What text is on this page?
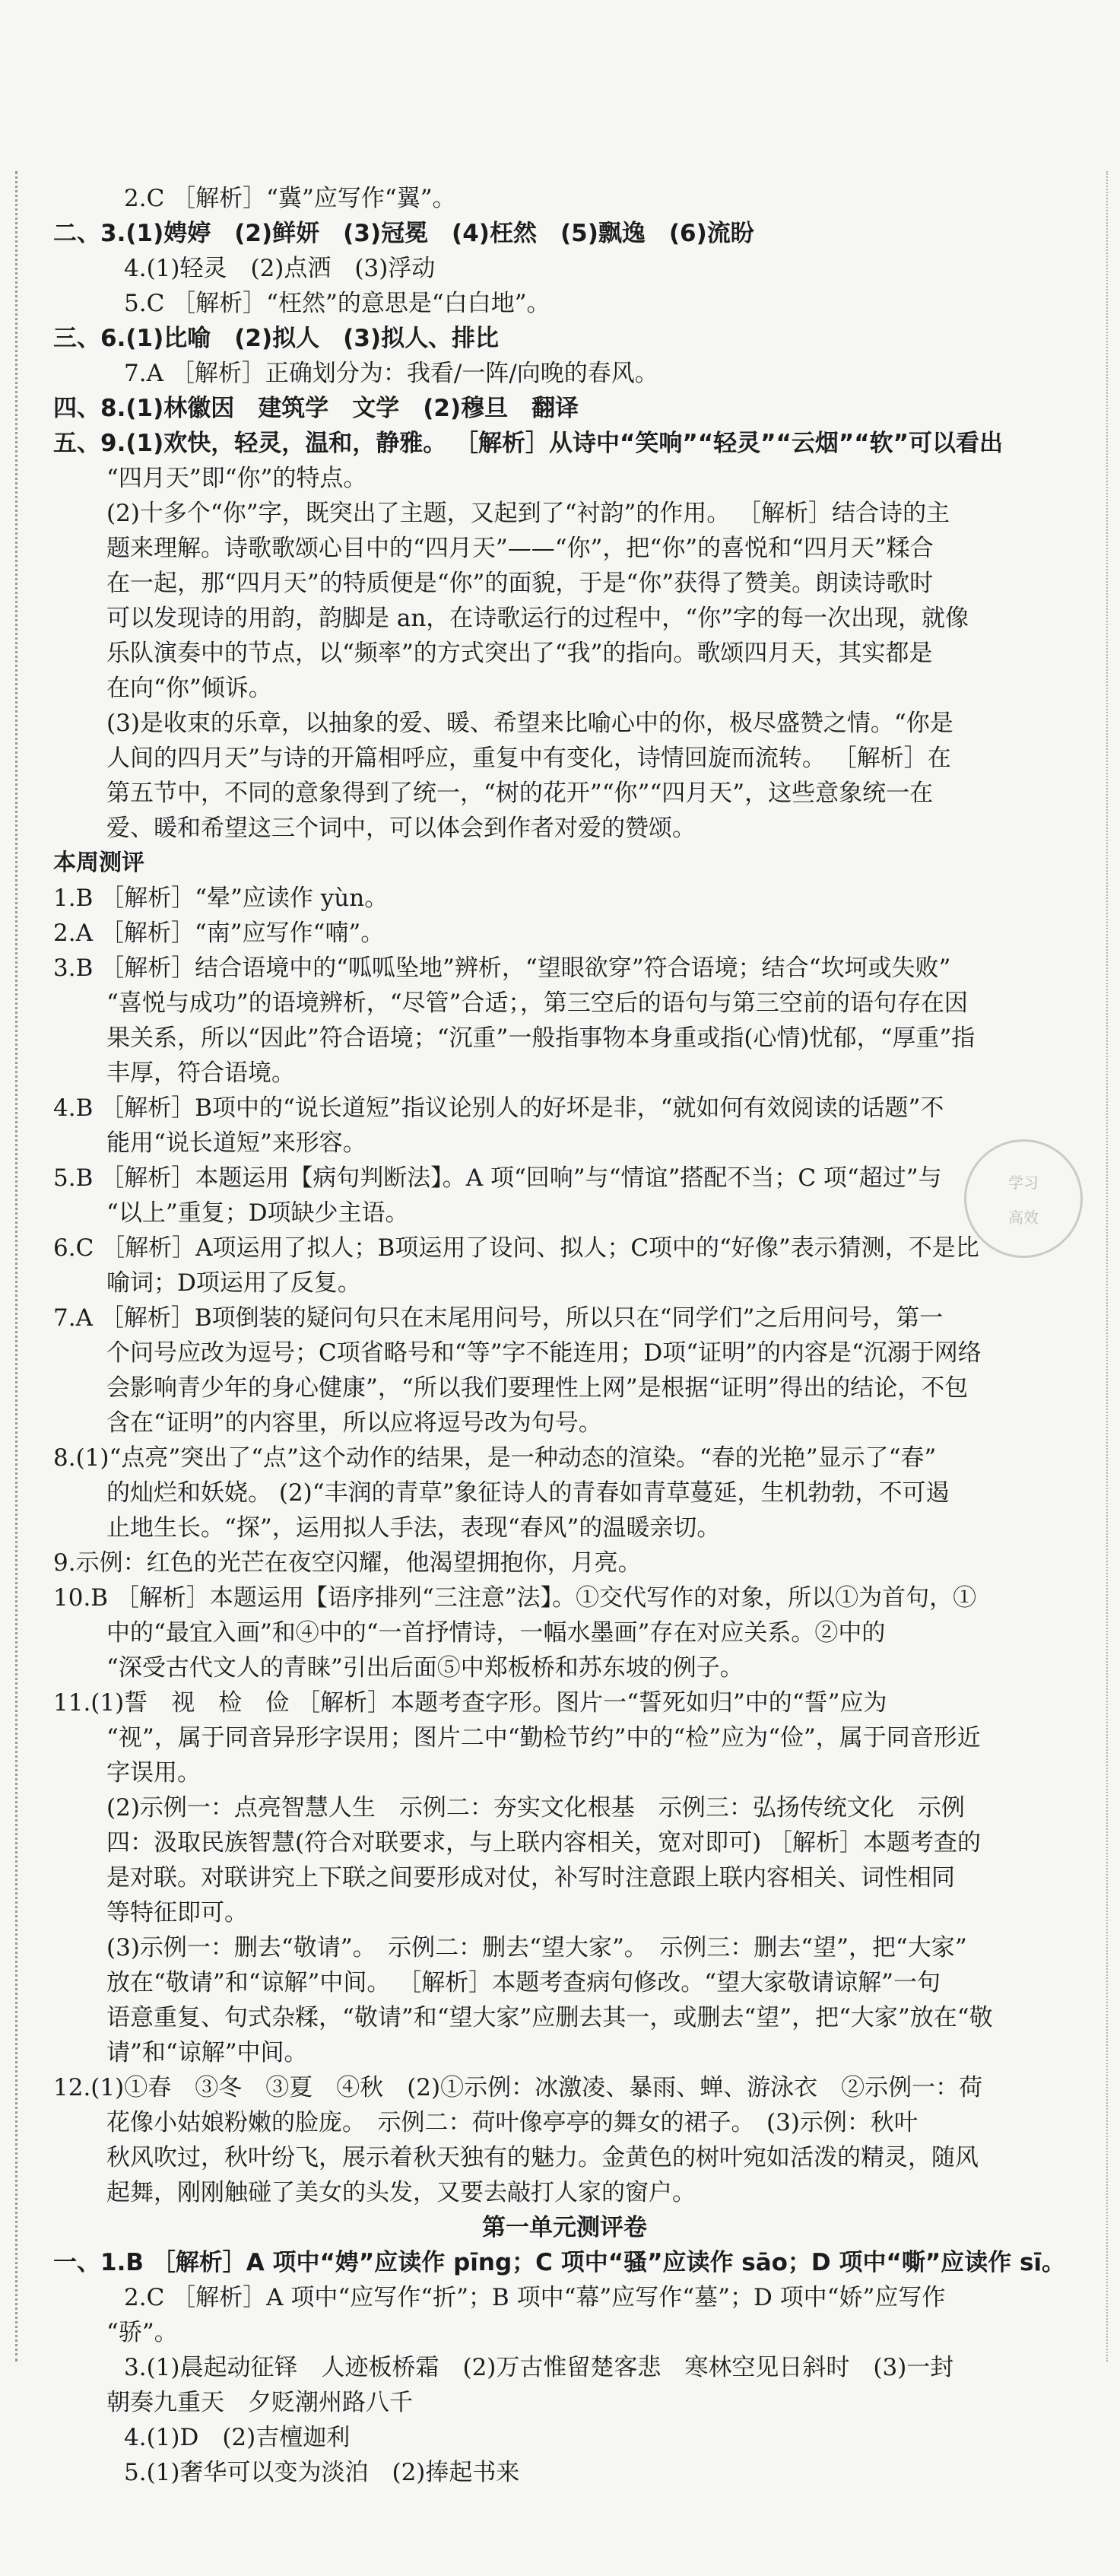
　2.C ［解析］“冀”应写作“翼”。
二、3.(1)娉婷　(2)鲜妍　(3)冠冕　(4)枉然　(5)飘逸　(6)流盼
　4.(1)轻灵　(2)点洒　(3)浮动
　5.C ［解析］“枉然”的意思是“白白地”。
三、6.(1)比喻　(2)拟人　(3)拟人、排比
　7.A ［解析］正确划分为：我看/一阵/向晚的春风。
四、8.(1)林徽因　建筑学　文学　(2)穆旦　翻译
五、9.(1)欢快，轻灵，温和，静雅。 ［解析］从诗中“笑响”“轻灵”“云烟”“软”可以看出
“四月天”即“你”的特点。
(2)十多个“你”字，既突出了主题，又起到了“衬韵”的作用。 ［解析］结合诗的主
题来理解。诗歌歌颂心目中的“四月天”——“你”，把“你”的喜悦和“四月天”糅合
在一起，那“四月天”的特质便是“你”的面貌，于是“你”获得了赞美。朗读诗歌时
可以发现诗的用韵，韵脚是 an，在诗歌运行的过程中，“你”字的每一次出现，就像
乐队演奏中的节点，以“频率”的方式突出了“我”的指向。歌颂四月天，其实都是
在向“你”倾诉。
(3)是收束的乐章，以抽象的爱、暖、希望来比喻心中的你，极尽盛赞之情。“你是
人间的四月天”与诗的开篇相呼应，重复中有变化，诗情回旋而流转。 ［解析］在
第五节中，不同的意象得到了统一，“树的花开”“你”“四月天”，这些意象统一在
爱、暖和希望这三个词中，可以体会到作者对爱的赞颂。
本周测评
1.B ［解析］“晕”应读作 yùn。
2.A ［解析］“南”应写作“喃”。
3.B ［解析］结合语境中的“呱呱坠地”辨析，“望眼欲穿”符合语境；结合“坎坷或失败”
“喜悦与成功”的语境辨析，“尽管”合适；，第三空后的语句与第三空前的语句存在因
果关系，所以“因此”符合语境；“沉重”一般指事物本身重或指(心情)忧郁，“厚重”指
丰厚，符合语境。
4.B ［解析］B项中的“说长道短”指议论别人的好坏是非，“就如何有效阅读的话题”不
能用“说长道短”来形容。
5.B ［解析］本题运用【病句判断法】。A 项“回响”与“情谊”搭配不当；C 项“超过”与
“以上”重复；D项缺少主语。
6.C ［解析］A项运用了拟人；B项运用了设问、拟人；C项中的“好像”表示猜测，不是比
喻词；D项运用了反复。
7.A ［解析］B项倒装的疑问句只在末尾用问号，所以只在“同学们”之后用问号，第一
个问号应改为逗号；C项省略号和“等”字不能连用；D项“证明”的内容是“沉溺于网络
会影响青少年的身心健康”，“所以我们要理性上网”是根据“证明”得出的结论，不包
含在“证明”的内容里，所以应将逗号改为句号。
8.(1)“点亮”突出了“点”这个动作的结果，是一种动态的渲染。“春的光艳”显示了“春”
的灿烂和妖娆。 (2)“丰润的青草”象征诗人的青春如青草蔓延，生机勃勃，不可遏
止地生长。“探”，运用拟人手法，表现“春风”的温暖亲切。
9.示例：红色的光芒在夜空闪耀，他渴望拥抱你，月亮。
10.B ［解析］本题运用【语序排列“三注意”法】。①交代写作的对象，所以①为首句，①
中的“最宜入画”和④中的“一首抒情诗，一幅水墨画”存在对应关系。②中的
“深受古代文人的青睐”引出后面⑤中郑板桥和苏东坡的例子。
11.(1)誓　视　检　俭 ［解析］本题考查字形。图片一“誓死如归”中的“誓”应为
“视”，属于同音异形字误用；图片二中“勤检节约”中的“检”应为“俭”，属于同音形近
字误用。
(2)示例一：点亮智慧人生　示例二：夯实文化根基　示例三：弘扬传统文化　示例
四：汲取民族智慧(符合对联要求，与上联内容相关，宽对即可) ［解析］本题考查的
是对联。对联讲究上下联之间要形成对仗，补写时注意跟上联内容相关、词性相同
等特征即可。
(3)示例一：删去“敬请”。　示例二：删去“望大家”。　示例三：删去“望”，把“大家”
放在“敬请”和“谅解”中间。 ［解析］本题考查病句修改。“望大家敬请谅解”一句
语意重复、句式杂糅，“敬请”和“望大家”应删去其一，或删去“望”，把“大家”放在“敬
请”和“谅解”中间。
12.(1)①春　③冬　③夏　④秋　(2)①示例：冰激凌、暴雨、蝉、游泳衣　②示例一：荷
花像小姑娘粉嫩的脸庞。　示例二：荷叶像亭亭的舞女的裙子。　(3)示例：秋叶
秋风吹过，秋叶纷飞，展示着秋天独有的魅力。金黄色的树叶宛如活泼的精灵，随风
起舞，刚刚触碰了美女的头发，又要去敲打人家的窗户。
第一单元测评卷
一、1.B ［解析］A 项中“娉”应读作 pīng；C 项中“骚”应读作 sāo；D 项中“嘶”应读作 sī。
　2.C ［解析］A 项中“应写作“折”；B 项中“幕”应写作“墓”；D 项中“娇”应写作
“骄”。
　3.(1)晨起动征铎　人迹板桥霜　(2)万古惟留楚客悲　寒林空见日斜时　(3)一封
朝奏九重天　夕贬潮州路八千
　4.(1)D　(2)吉檀迦利
　5.(1)奢华可以变为淡泊　(2)捧起书来
学习
高效
